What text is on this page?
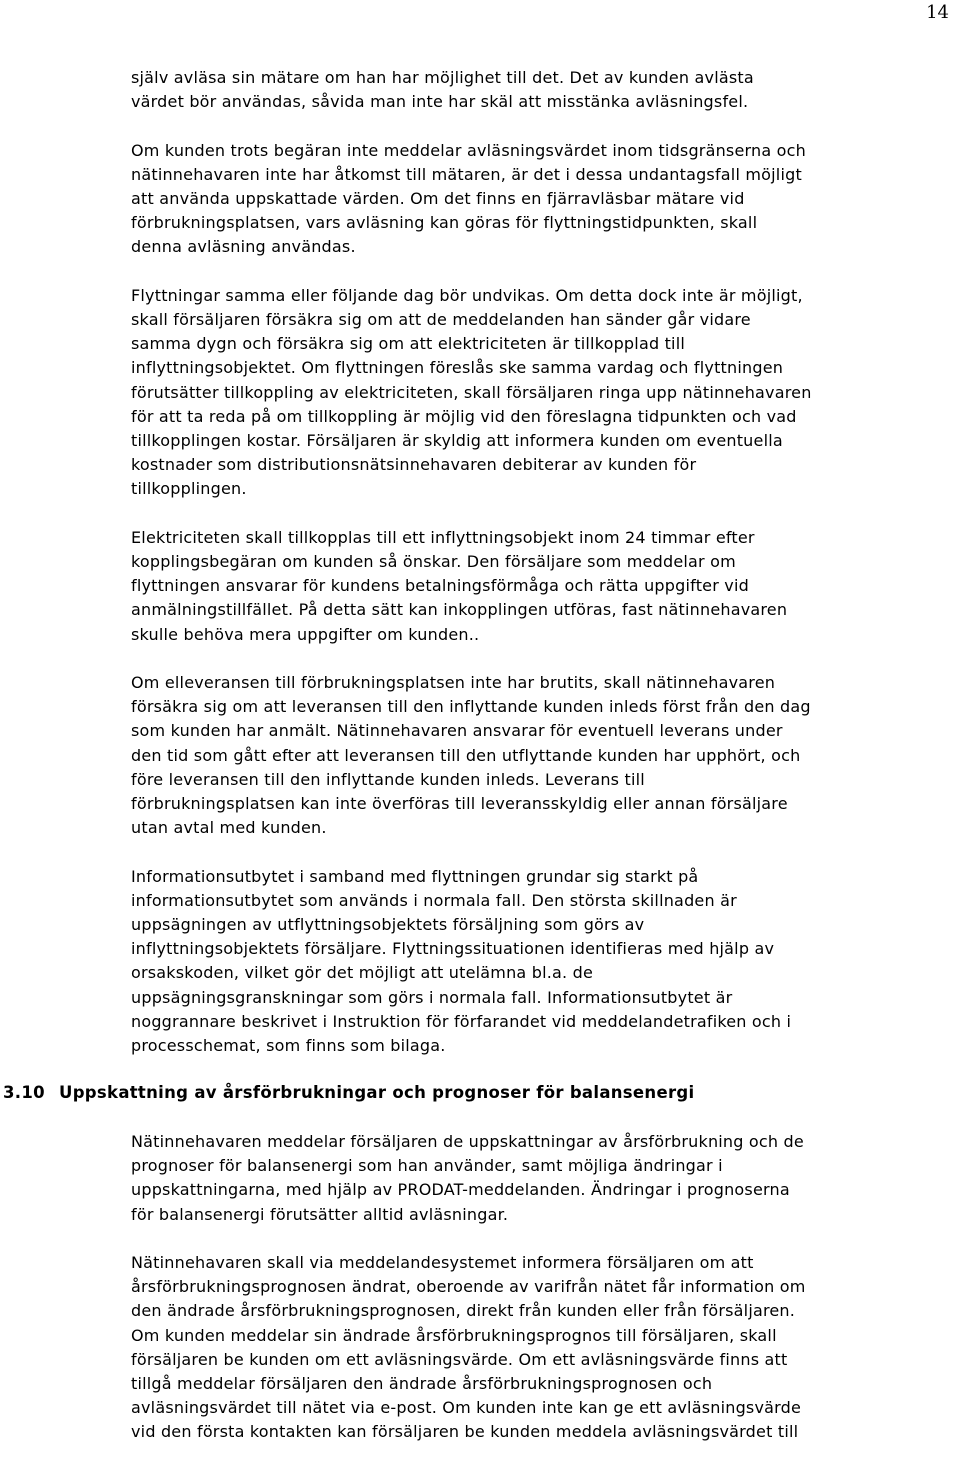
14

själv avläsa sin mätare om han har möjlighet till det. Det av kunden avlästa
värdet bör användas, såvida man inte har skäl att misstänka avläsningsfel.

Om kunden trots begäran inte meddelar avläsningsvärdet inom tidsgränserna och
nätinnehavaren inte har åtkomst till mätaren, är det i dessa undantagsfall möjligt
att använda uppskattade värden. Om det finns en fjärravläsbar mätare vid
förbrukningsplatsen, vars avläsning kan göras för flyttningstidpunkten, skall
denna avläsning användas.

Flyttningar samma eller följande dag bör undvikas. Om detta dock inte är möjligt,
skall försäljaren försäkra sig om att de meddelanden han sänder går vidare
samma dygn och försäkra sig om att elektriciteten är tillkopplad till
inflyttningsobjektet. Om flyttningen föreslås ske samma vardag och flyttningen
förutsätter tillkoppling av elektriciteten, skall försäljaren ringa upp nätinnehavaren
för att ta reda på om tillkoppling är möjlig vid den föreslagna tidpunkten och vad
tillkopplingen kostar. Försäljaren är skyldig att informera kunden om eventuella
kostnader som distributionsnätsinnehavaren debiterar av kunden för
tillkopplingen.

Elektriciteten skall tillkopplas till ett inflyttningsobjekt inom 24 timmar efter
kopplingsbegäran om kunden så önskar. Den försäljare som meddelar om
flyttningen ansvarar för kundens betalningsförmåga och rätta uppgifter vid
anmälningstillfället. På detta sätt kan inkopplingen utföras, fast nätinnehavaren
skulle behöva mera uppgifter om kunden..

Om elleveransen till förbrukningsplatsen inte har brutits, skall nätinnehavaren
försäkra sig om att leveransen till den inflyttande kunden inleds först från den dag
som kunden har anmält. Nätinnehavaren ansvarar för eventuell leverans under
den tid som gått efter att leveransen till den utflyttande kunden har upphört, och
före leveransen till den inflyttande kunden inleds. Leverans till
förbrukningsplatsen kan inte överföras till leveransskyldig eller annan försäljare
utan avtal med kunden.

Informationsutbytet i samband med flyttningen grundar sig starkt på
informationsutbytet som används i normala fall. Den största skillnaden är
uppsägningen av utflyttningsobjektets försäljning som görs av
inflyttningsobjektets försäljare. Flyttningssituationen identifieras med hjälp av
orsakskoden, vilket gör det möjligt att utelämna bl.a. de
uppsägningsgranskningar som görs i normala fall. Informationsutbytet är
noggrannare beskrivet i Instruktion för förfarandet vid meddelandetrafiken och i
processchemat, som finns som bilaga.

3.10 Uppskattning av årsförbrukningar och prognoser för balansenergi

Nätinnehavaren meddelar försäljaren de uppskattningar av årsförbrukning och de
prognoser för balansenergi som han använder, samt möjliga ändringar i
uppskattningarna, med hjälp av PRODAT-meddelanden. Ändringar i prognoserna
för balansenergi förutsätter alltid avläsningar.

Nätinnehavaren skall via meddelandesystemet informera försäljaren om att
årsförbrukningsprognosen ändrat, oberoende av varifrån nätet får information om
den ändrade årsförbrukningsprognosen, direkt från kunden eller från försäljaren.
Om kunden meddelar sin ändrade årsförbrukningsprognos till försäljaren, skall
försäljaren be kunden om ett avläsningsvärde. Om ett avläsningsvärde finns att
tillgå meddelar försäljaren den ändrade årsförbrukningsprognosen och
avläsningsvärdet till nätet via e-post. Om kunden inte kan ge ett avläsningsvärde
vid den första kontakten kan försäljaren be kunden meddela avläsningsvärdet till
